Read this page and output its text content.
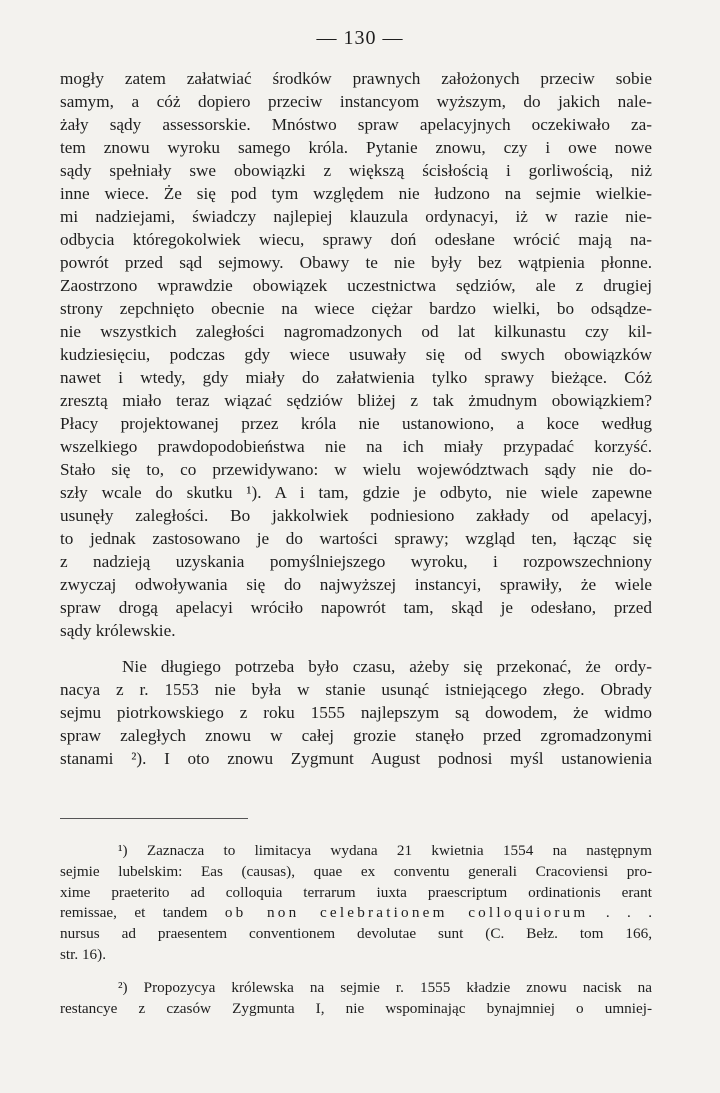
— 130 —
mogły zatem załatwiać środków prawnych założonych przeciw sobie
samym, a cóż dopiero przeciw instancyom wyższym, do jakich nale-
żały sądy assessorskie. Mnóstwo spraw apelacyjnych oczekiwało za-
tem znowu wyroku samego króla. Pytanie znowu, czy i owe nowe
sądy spełniały swe obowiązki z większą ścisłością i gorliwością, niż
inne wiece. Że się pod tym względem nie łudzono na sejmie wielkie-
mi nadziejami, świadczy najlepiej klauzula ordynacyi, iż w razie nie-
odbycia któregokolwiek wiecu, sprawy doń odesłane wrócić mają na-
powrót przed sąd sejmowy. Obawy te nie były bez wątpienia płonne.
Zaostrzono wprawdzie obowiązek uczestnictwa sędziów, ale z drugiej
strony zepchnięto obecnie na wiece ciężar bardzo wielki, bo odsądze-
nie wszystkich zaległości nagromadzonych od lat kilkunastu czy kil-
kudziesięciu, podczas gdy wiece usuwały się od swych obowiązków
nawet i wtedy, gdy miały do załatwienia tylko sprawy bieżące. Cóż
zresztą miało teraz wiązać sędziów bliżej z tak żmudnym obowiązkiem?
Płacy projektowanej przez króla nie ustanowiono, a koce według
wszelkiego prawdopodobieństwa nie na ich miały przypadać korzyść.
Stało się to, co przewidywano: w wielu województwach sądy nie do-
szły wcale do skutku ¹). A i tam, gdzie je odbyto, nie wiele zapewne
usunęły zaległości. Bo jakkolwiek podniesiono zakłady od apelacyj,
to jednak zastosowano je do wartości sprawy; wzgląd ten, łącząc się
z nadzieją uzyskania pomyślniejszego wyroku, i rozpowszechniony
zwyczaj odwoływania się do najwyższej instancyi, sprawiły, że wiele
spraw drogą apelacyi wróciło napowrót tam, skąd je odesłano, przed
sądy królewskie.
Nie długiego potrzeba było czasu, ażeby się przekonać, że ordy-
nacya z r. 1553 nie była w stanie usunąć istniejącego złego. Obrady
sejmu piotrkowskiego z roku 1555 najlepszym są dowodem, że widmo
spraw zaległych znowu w całej grozie stanęło przed zgromadzonymi
stanami ²). I oto znowu Zygmunt August podnosi myśl ustanowienia
¹) Zaznacza to limitacya wydana 21 kwietnia 1554 na następnym
sejmie lubelskim: Eas (causas), quae ex conventu generali Cracoviensi pro-
xime praeterito ad colloquia terrarum iuxta praescriptum ordinationis erant
remissae, et tandem ob non celebrationem colloquiorum . . .
nursus ad praesentem conventionem devolutae sunt (C. Bełz. tom 166,
str. 16).
²) Propozycya królewska na sejmie r. 1555 kładzie znowu nacisk na
restancye z czasów Zygmunta I, nie wspominając bynajmniej o umniej-
